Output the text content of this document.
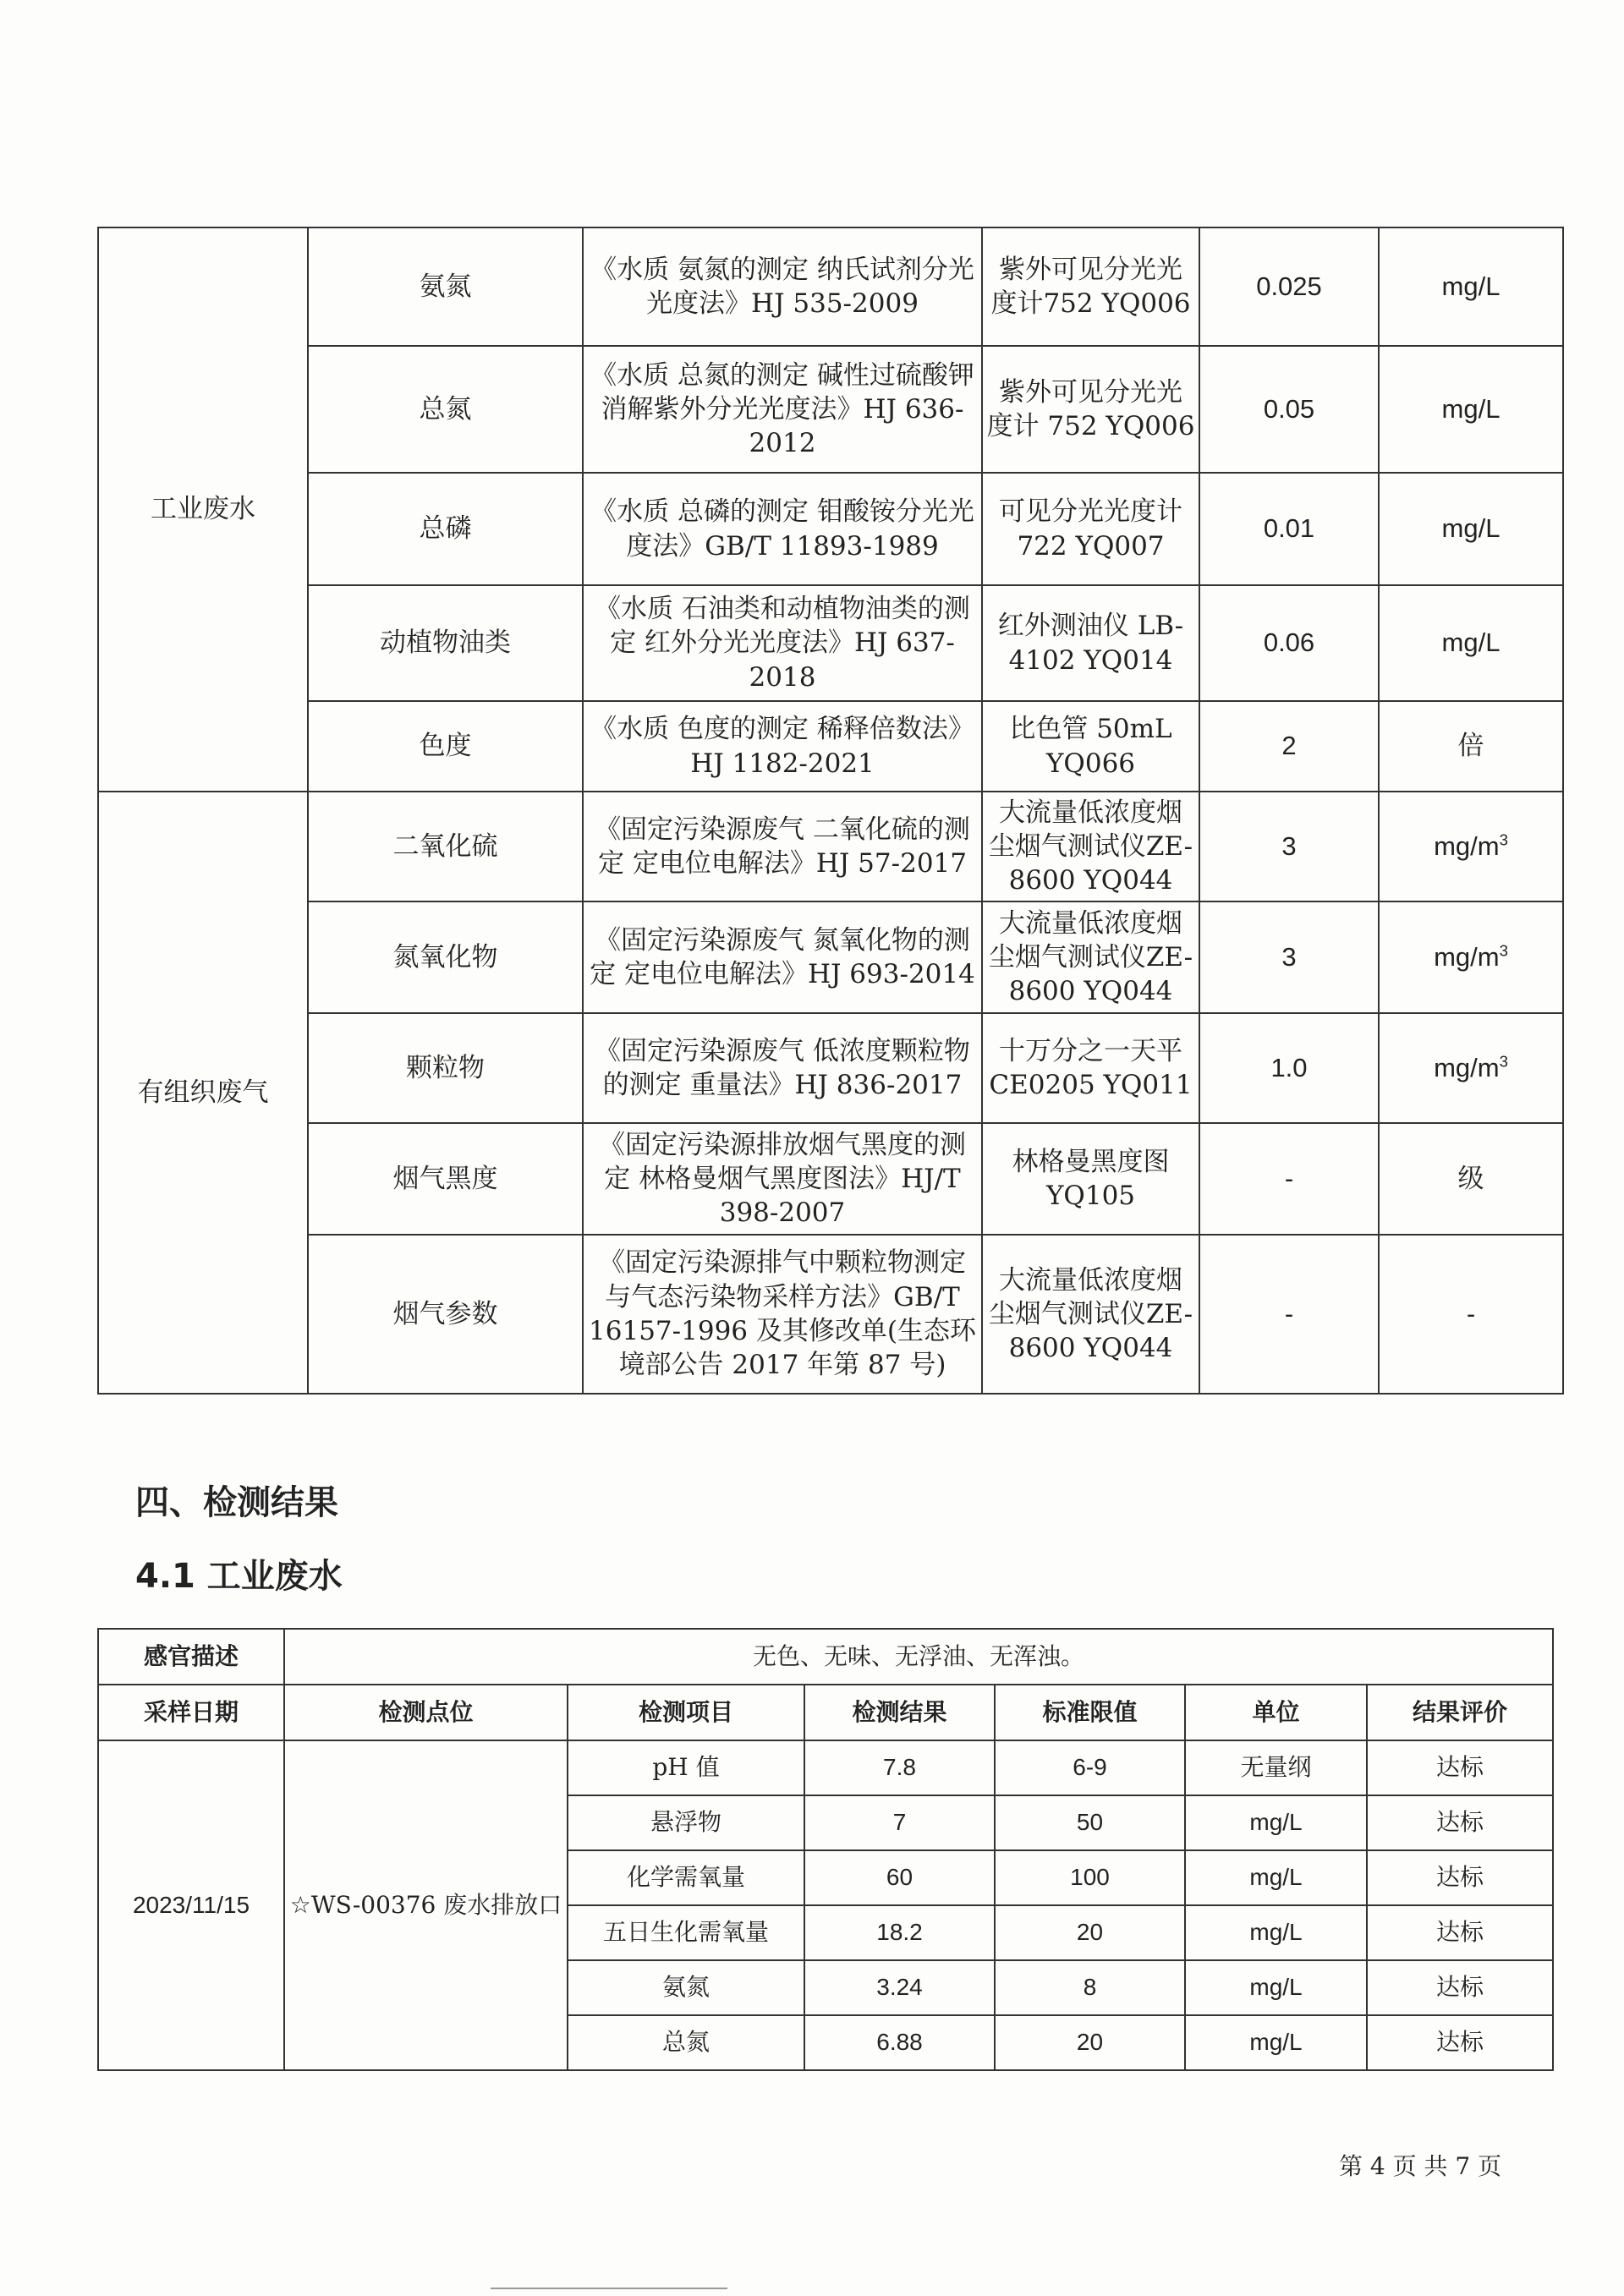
工业废水	氨氮	《水质 氨氮的测定 纳氏试剂分光光度法》HJ 535-2009	紫外可见分光光度计752 YQ006	0.025	mg/L
	总氮	《水质 总氮的测定 碱性过硫酸钾消解紫外分光光度法》HJ 636-2012	紫外可见分光光度计 752 YQ006	0.05	mg/L
	总磷	《水质 总磷的测定 钼酸铵分光光度法》GB/T 11893-1989	可见分光光度计 722 YQ007	0.01	mg/L
	动植物油类	《水质 石油类和动植物油类的测定 红外分光光度法》HJ 637-2018	红外测油仪 LB-4102 YQ014	0.06	mg/L
	色度	《水质 色度的测定 稀释倍数法》HJ 1182-2021	比色管 50mL YQ066	2	倍
有组织废气	二氧化硫	《固定污染源废气 二氧化硫的测定 定电位电解法》HJ 57-2017	大流量低浓度烟尘烟气测试仪ZE-8600 YQ044	3	$mg/m^3$
	氮氧化物	《固定污染源废气 氮氧化物的测定 定电位电解法》HJ 693-2014	大流量低浓度烟尘烟气测试仪ZE-8600 YQ044	3	$mg/m^3$
	颗粒物	《固定污染源废气 低浓度颗粒物的测定 重量法》HJ 836-2017	十万分之一天平 CE0205 YQ011	1.0	$mg/m^3$
	烟气黑度	《固定污染源排放烟气黑度的测定 林格曼烟气黑度图法》HJ/T 398-2007	林格曼黑度图 YQ105	-	级
	烟气参数	《固定污染源排气中颗粒物测定与气态污染物采样方法》GB/T 16157-1996 及其修改单(生态环境部公告 2017 年第 87 号)	大流量低浓度烟尘烟气测试仪ZE-8600 YQ044	-	-
四、检测结果
4.1 工业废水
感官描述	无色、无味、无浮油、无浑浊。					
采样日期	检测点位	检测项目	检测结果	标准限值	单位	结果评价
2023/11/15	☆WS-00376 废水排放口	pH 值	7.8	6-9	无量纲	达标
		悬浮物	7	50	mg/L	达标
		化学需氧量	60	100	mg/L	达标
		五日生化需氧量	18.2	20	mg/L	达标
		氨氮	3.24	8	mg/L	达标
		总氮	6.88	20	mg/L	达标
第 4 页 共 7 页
